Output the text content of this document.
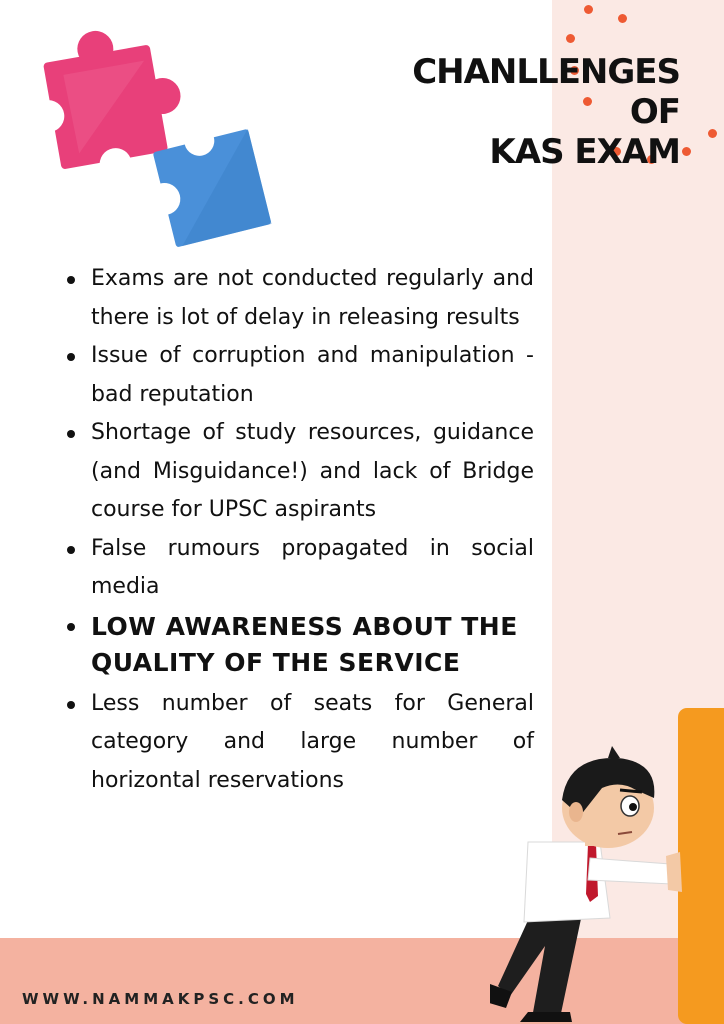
CHANLLENGES OF
KAS EXAM
Exams are not conducted regularly and there is lot of delay in releasing results
Issue of corruption and manipulation - bad reputation
Shortage of study resources, guidance (and Misguidance!) and lack of Bridge course for UPSC aspirants
False rumours propagated in social media
LOW AWARENESS ABOUT THE QUALITY OF THE SERVICE
Less number of seats for General category and large number of horizontal reservations
WWW.NAMMAKPSC.COM
